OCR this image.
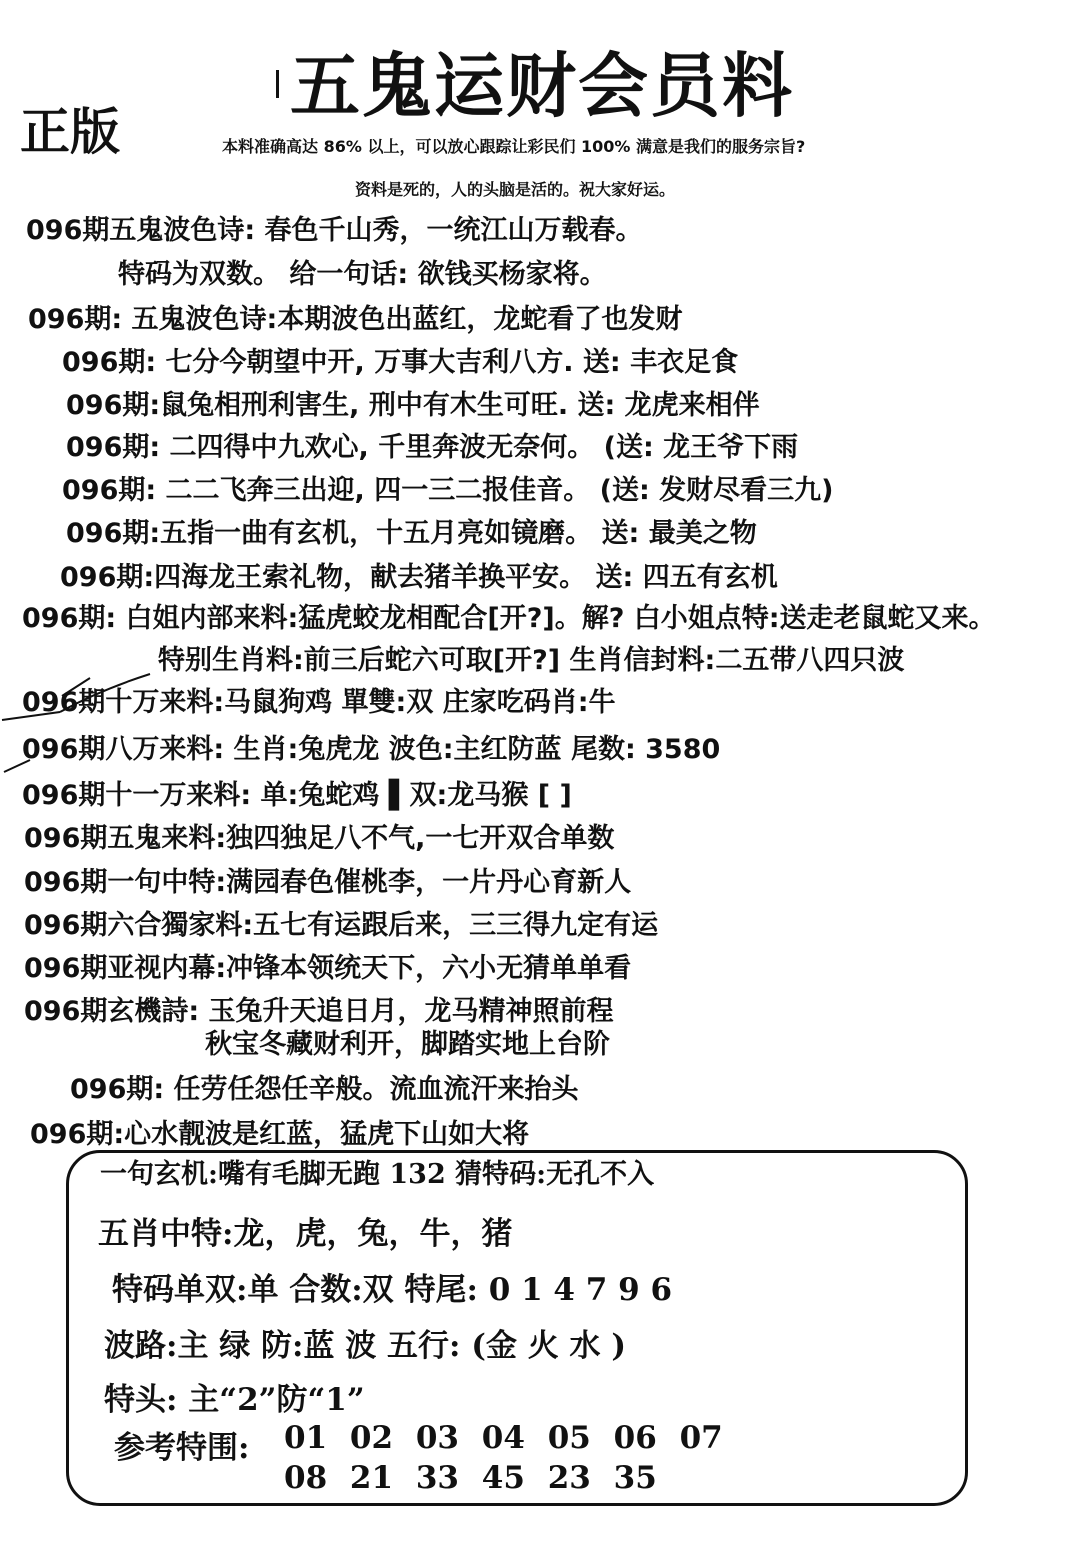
五鬼运财会员料
正版	本料准确高达 86% 以上，可以放心跟踪让彩民们 100% 满意是我们的服务宗旨?
资料是死的，人的头脑是活的。祝大家好运。
096期五鬼波色诗: 春色千山秀，一统江山万载春。
特码为双数。 给一句话: 欲钱买杨家将。
096期: 五鬼波色诗:本期波色出蓝红，龙蛇看了也发财
096期: 七分今朝望中开, 万事大吉利八方. 送: 丰衣足食
096期:鼠兔相刑利害生, 刑中有木生可旺. 送: 龙虎来相伴
096期: 二四得中九欢心, 千里奔波无奈何。 (送: 龙王爷下雨
096期: 二二飞奔三出迎, 四一三二报佳音。 (送: 发财尽看三九)
096期:五指一曲有玄机，十五月亮如镜磨。 送: 最美之物
096期:四海龙王索礼物，献去猪羊换平安。 送: 四五有玄机
096期: 白姐内部来料:猛虎蛟龙相配合[开?]。解? 白小姐点特:送走老鼠蛇又来。
特别生肖料:前三后蛇六可取[开?] 生肖信封料:二五带八四只波
096期十万来料:马鼠狗鸡 單雙:双 庄家吃码肖:牛
096期八万来料: 生肖:兔虎龙 波色:主红防蓝 尾数: 3580
096期十一万来料: 单:兔蛇鸡 ▌双:龙马猴 [ ]
096期五鬼来料:独四独足八不气,一七开双合单数
096期一句中特:满园春色催桃李，一片丹心育新人
096期六合獨家料:五七有运跟后来，三三得九定有运
096期亚视内幕:冲锋本领统天下，六小无猜单单看
096期玄機詩: 玉兔升天追日月，龙马精神照前程
秋宝冬藏财利开，脚踏实地上台阶
096期: 任劳任怨任辛般。流血流汗来抬头
096期:心水靓波是红蓝，猛虎下山如大将
一句玄机:嘴有毛脚无跑 132 猜特码:无孔不入
五肖中特:龙，虎，兔，牛，猪
特码单双:单 合数:双 特尾: 0 1 4 7 9 6
波路:主 绿 防:蓝 波 五行: (金 火 水 )
特头: 主“2”防“1”
参考特围: 01 02 03 04 05 06 07
08 21 33 45 23 35
